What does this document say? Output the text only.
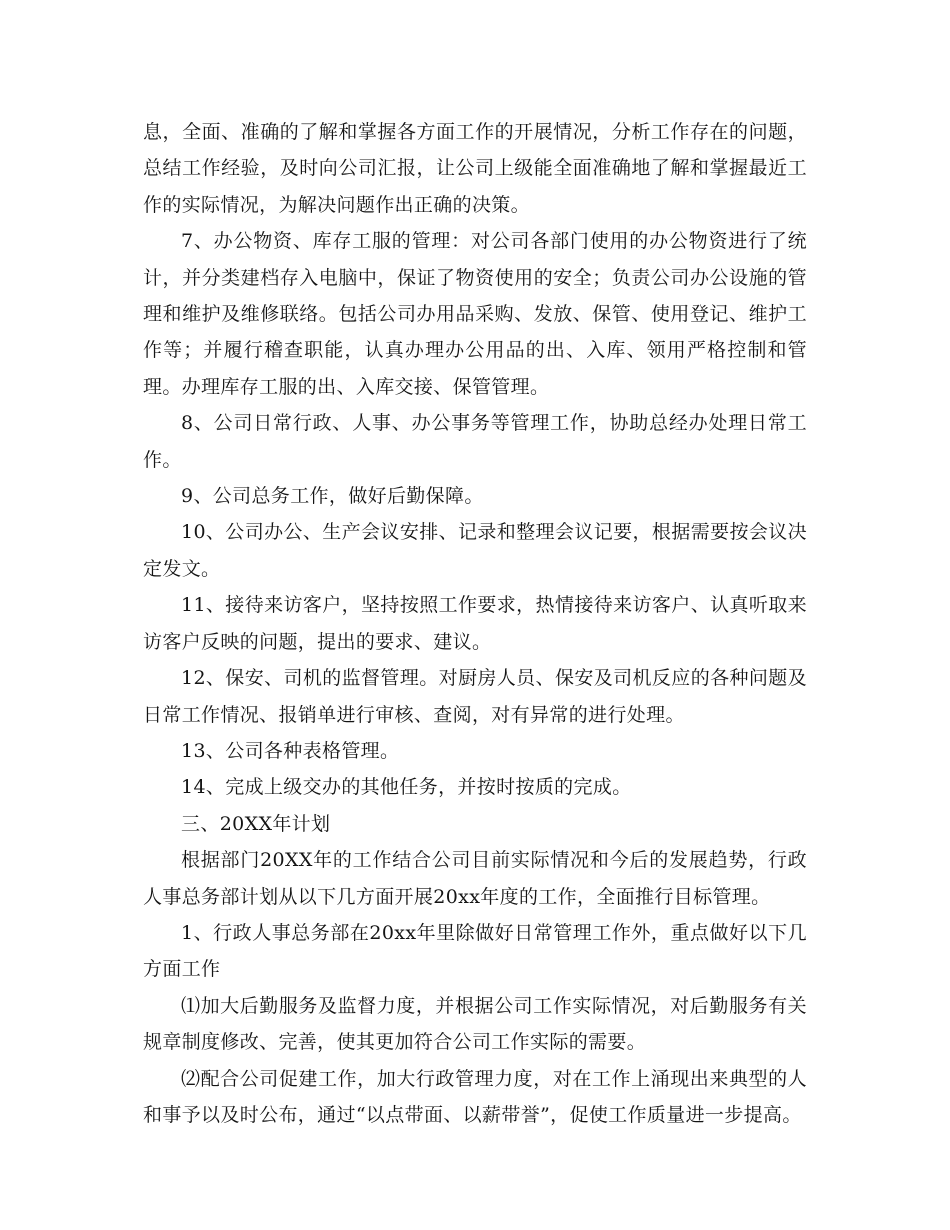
息，全面、准确的了解和掌握各方面工作的开展情况，分析工作存在的问题，总结工作经验，及时向公司汇报，让公司上级能全面准确地了解和掌握最近工作的实际情况，为解决问题作出正确的决策。

7、办公物资、库存工服的管理：对公司各部门使用的办公物资进行了统计，并分类建档存入电脑中，保证了物资使用的安全；负责公司办公设施的管理和维护及维修联络。包括公司办用品采购、发放、保管、使用登记、维护工作等；并履行稽查职能，认真办理办公用品的出、入库、领用严格控制和管理。办理库存工服的出、入库交接、保管管理。

8、公司日常行政、人事、办公事务等管理工作，协助总经办处理日常工作。

9、公司总务工作，做好后勤保障。

10、公司办公、生产会议安排、记录和整理会议记要，根据需要按会议决定发文。

11、接待来访客户，坚持按照工作要求，热情接待来访客户、认真听取来访客户反映的问题，提出的要求、建议。

12、保安、司机的监督管理。对厨房人员、保安及司机反应的各种问题及日常工作情况、报销单进行审核、查阅，对有异常的进行处理。

13、公司各种表格管理。

14、完成上级交办的其他任务，并按时按质的完成。

三、20XX年计划

根据部门20XX年的工作结合公司目前实际情况和今后的发展趋势，行政人事总务部计划从以下几方面开展20xx年度的工作，全面推行目标管理。

1、行政人事总务部在20xx年里除做好日常管理工作外，重点做好以下几方面工作

⑴加大后勤服务及监督力度，并根据公司工作实际情况，对后勤服务有关规章制度修改、完善，使其更加符合公司工作实际的需要。

⑵配合公司促建工作，加大行政管理力度，对在工作上涌现出来典型的人和事予以及时公布，通过“以点带面、以薪带誉”，促使工作质量进一步提高。
